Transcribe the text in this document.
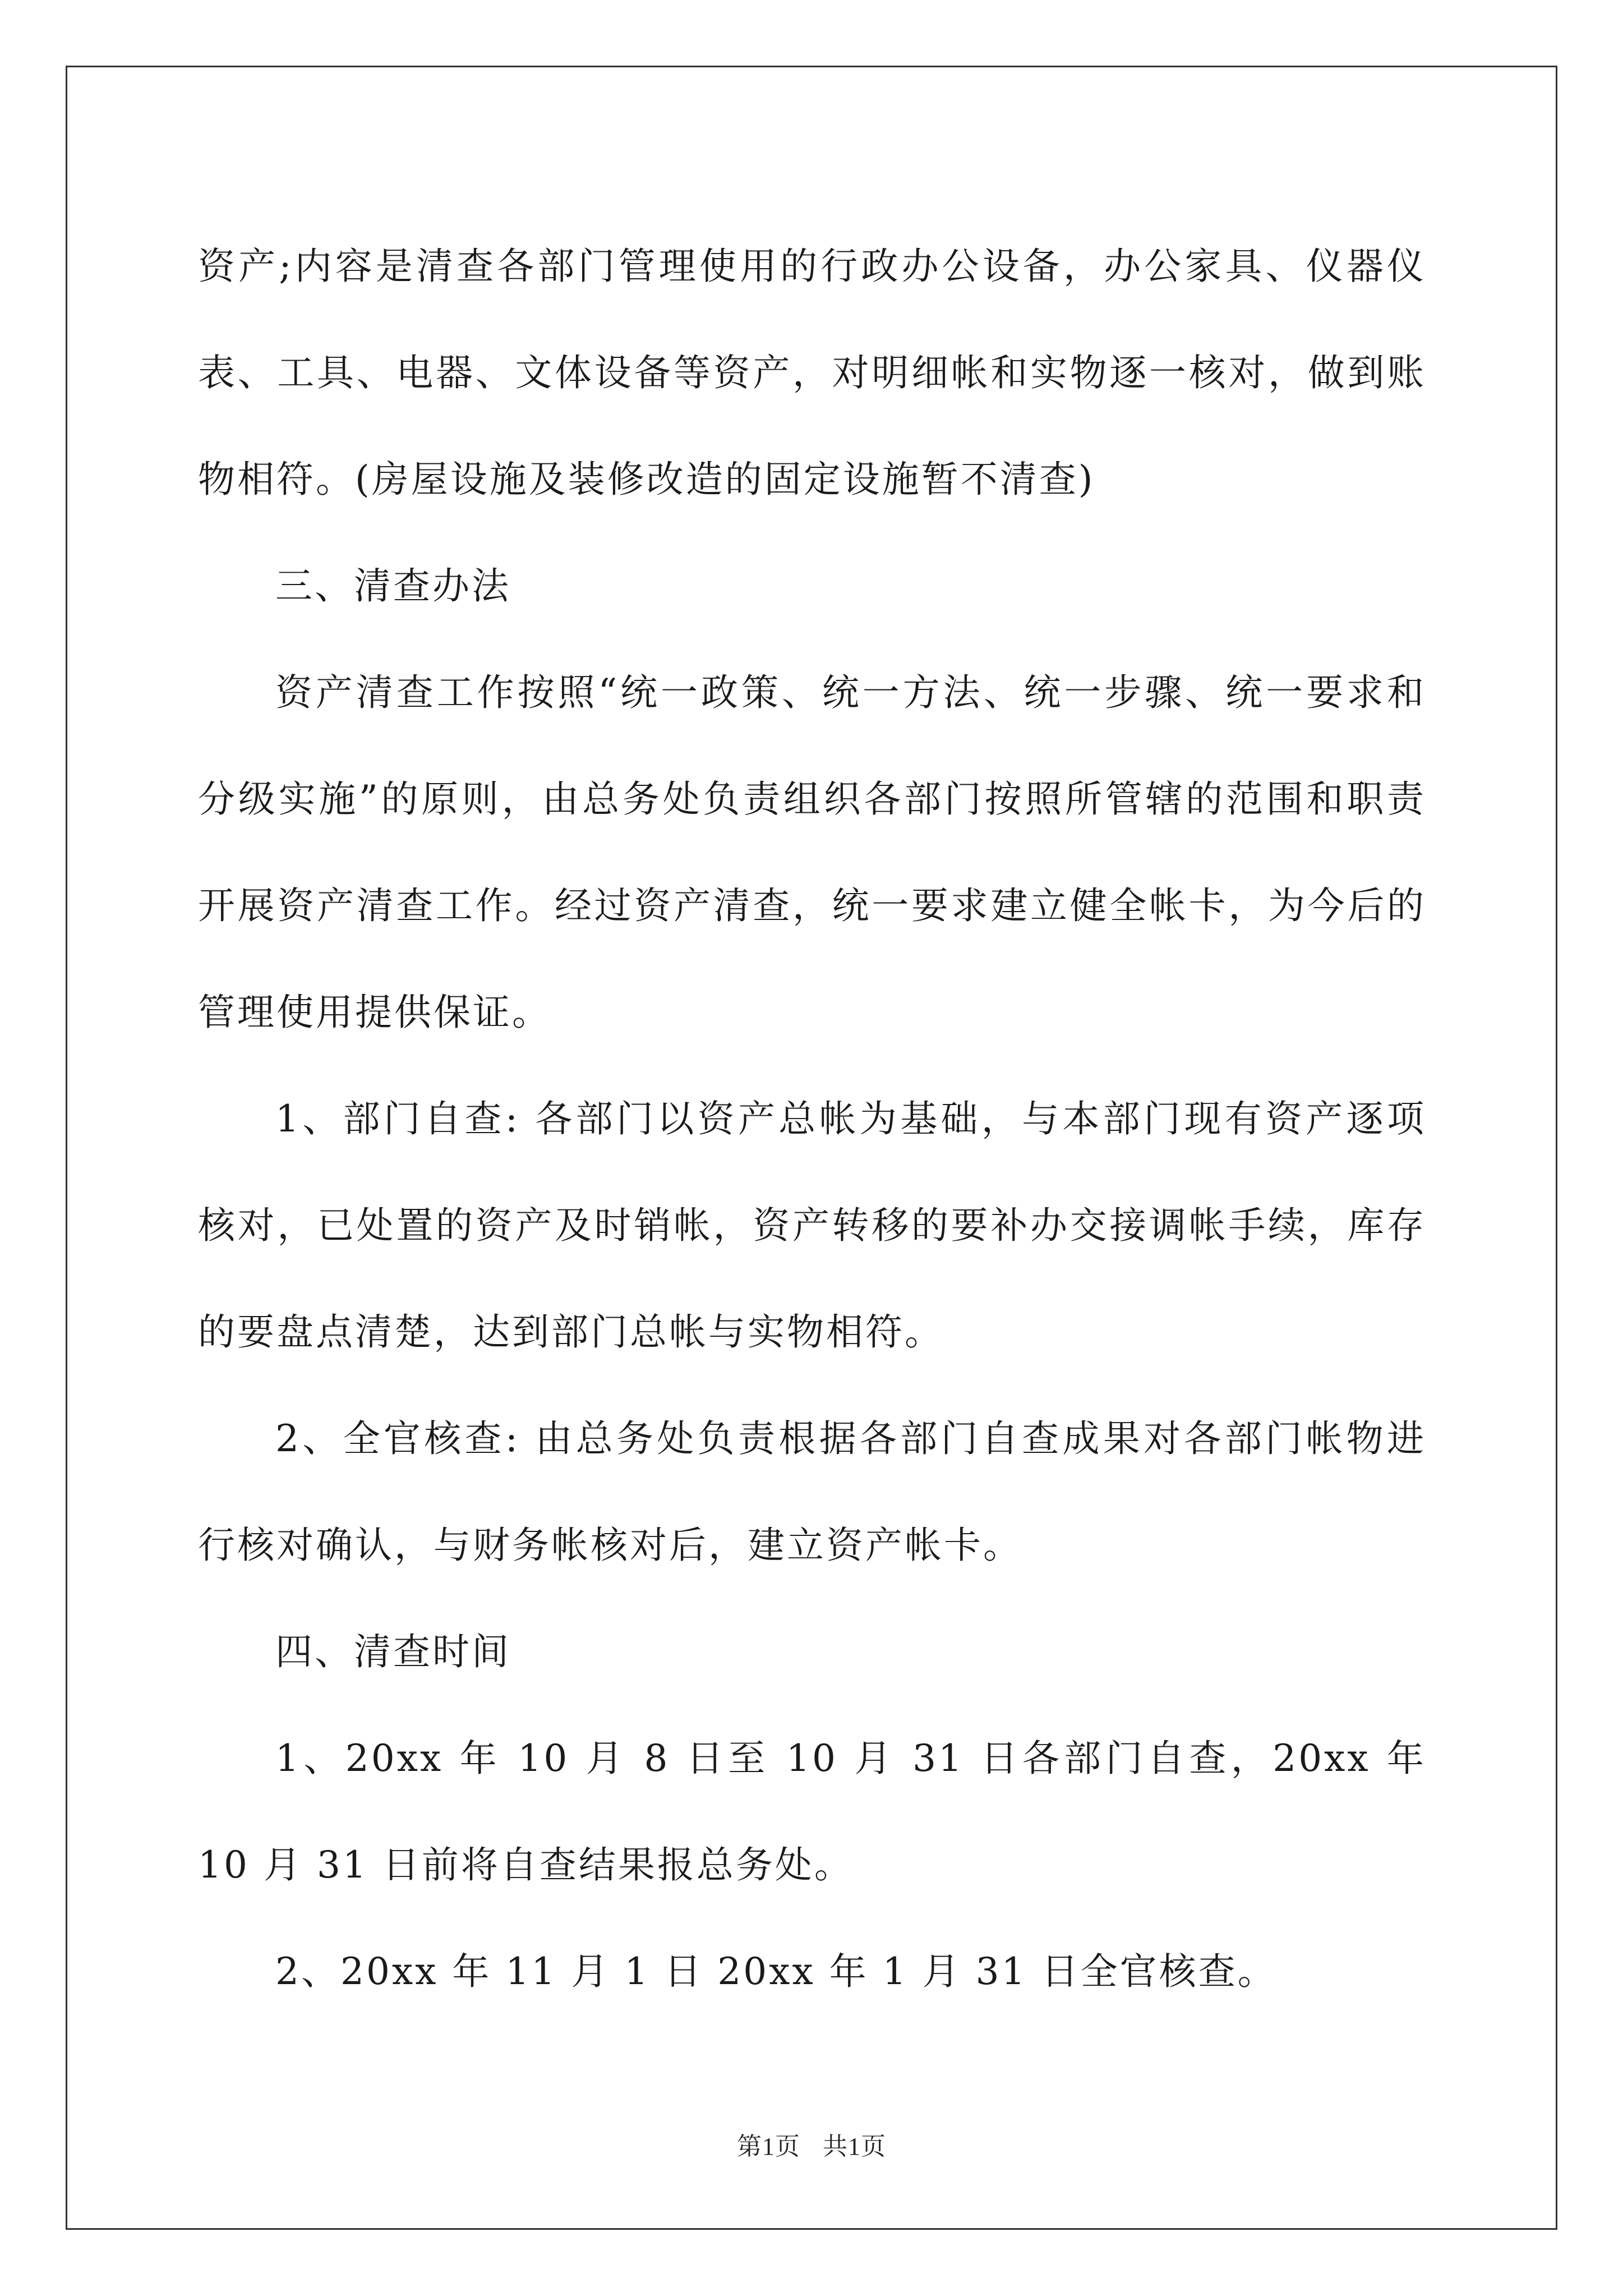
资产;内容是清查各部门管理使用的行政办公设备，办公家具、仪器仪表、工具、电器、文体设备等资产，对明细帐和实物逐一核对，做到账物相符。(房屋设施及装修改造的固定设施暂不清查)

三、清查办法

资产清查工作按照“统一政策、统一方法、统一步骤、统一要求和分级实施”的原则，由总务处负责组织各部门按照所管辖的范围和职责开展资产清查工作。经过资产清查，统一要求建立健全帐卡，为今后的管理使用提供保证。

1、部门自查: 各部门以资产总帐为基础，与本部门现有资产逐项核对，已处置的资产及时销帐，资产转移的要补办交接调帐手续，库存的要盘点清楚，达到部门总帐与实物相符。

2、全官核查: 由总务处负责根据各部门自查成果对各部门帐物进行核对确认，与财务帐核对后，建立资产帐卡。

四、清查时间

1、20xx 年 10 月 8 日至 10 月 31 日各部门自查，20xx 年 10 月 31 日前将自查结果报总务处。

2、20xx 年 11 月 1 日 20xx 年 1 月 31 日全官核查。

第1页 共1页
